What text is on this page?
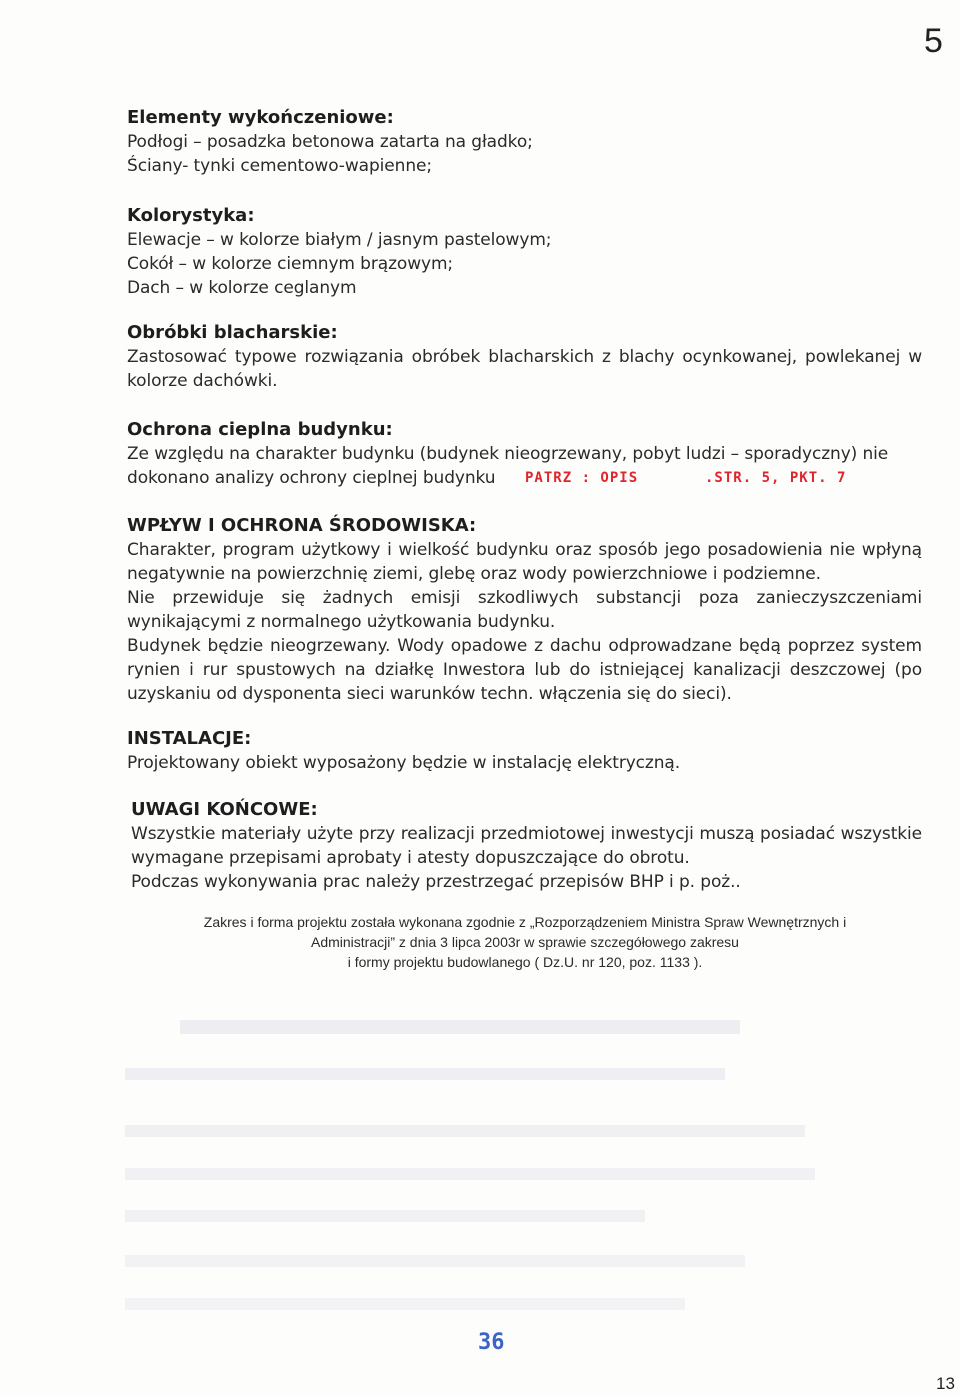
5
Elementy wykończeniowe:
Podłogi – posadzka betonowa zatarta na gładko;
Ściany- tynki cementowo-wapienne;
Kolorystyka:
Elewacje – w kolorze białym / jasnym pastelowym;
Cokół – w kolorze ciemnym brązowym;
Dach – w kolorze ceglanym
Obróbki blacharskie:
Zastosować typowe rozwiązania obróbek blacharskich z blachy ocynkowanej, powlekanej w kolorze dachówki.
Ochrona cieplna budynku:
Ze względu na charakter budynku (budynek nieogrzewany, pobyt ludzi – sporadyczny) nie
dokonano analizy ochrony cieplnej budynku	PATRZ : OPIS	.STR. 5, PKT. 7
WPŁYW I OCHRONA ŚRODOWISKA:
Charakter, program użytkowy i wielkość budynku oraz sposób jego posadowienia nie wpłyną negatywnie na powierzchnię ziemi, glebę oraz wody powierzchniowe i podziemne.
Nie przewiduje się żadnych emisji szkodliwych substancji poza zanieczyszczeniami wynikającymi z normalnego użytkowania budynku.
Budynek będzie nieogrzewany. Wody opadowe z dachu odprowadzane będą poprzez system rynien i rur spustowych na działkę Inwestora lub do istniejącej kanalizacji deszczowej (po uzyskaniu od dysponenta sieci warunków techn. włączenia się do sieci).
INSTALACJE:
Projektowany obiekt wyposażony będzie w instalację elektryczną.
UWAGI KOŃCOWE:
Wszystkie materiały użyte przy realizacji przedmiotowej inwestycji muszą posiadać wszystkie wymagane przepisami aprobaty i atesty dopuszczające do obrotu.
Podczas wykonywania prac należy przestrzegać przepisów BHP i p. poż..
Zakres i forma projektu została wykonana zgodnie z „Rozporządzeniem Ministra Spraw Wewnętrznych i
Administracji” z dnia 3 lipca 2003r w sprawie szczegółowego zakresu
i formy projektu budowlanego ( Dz.U. nr 120, poz. 1133 ).
36
13
